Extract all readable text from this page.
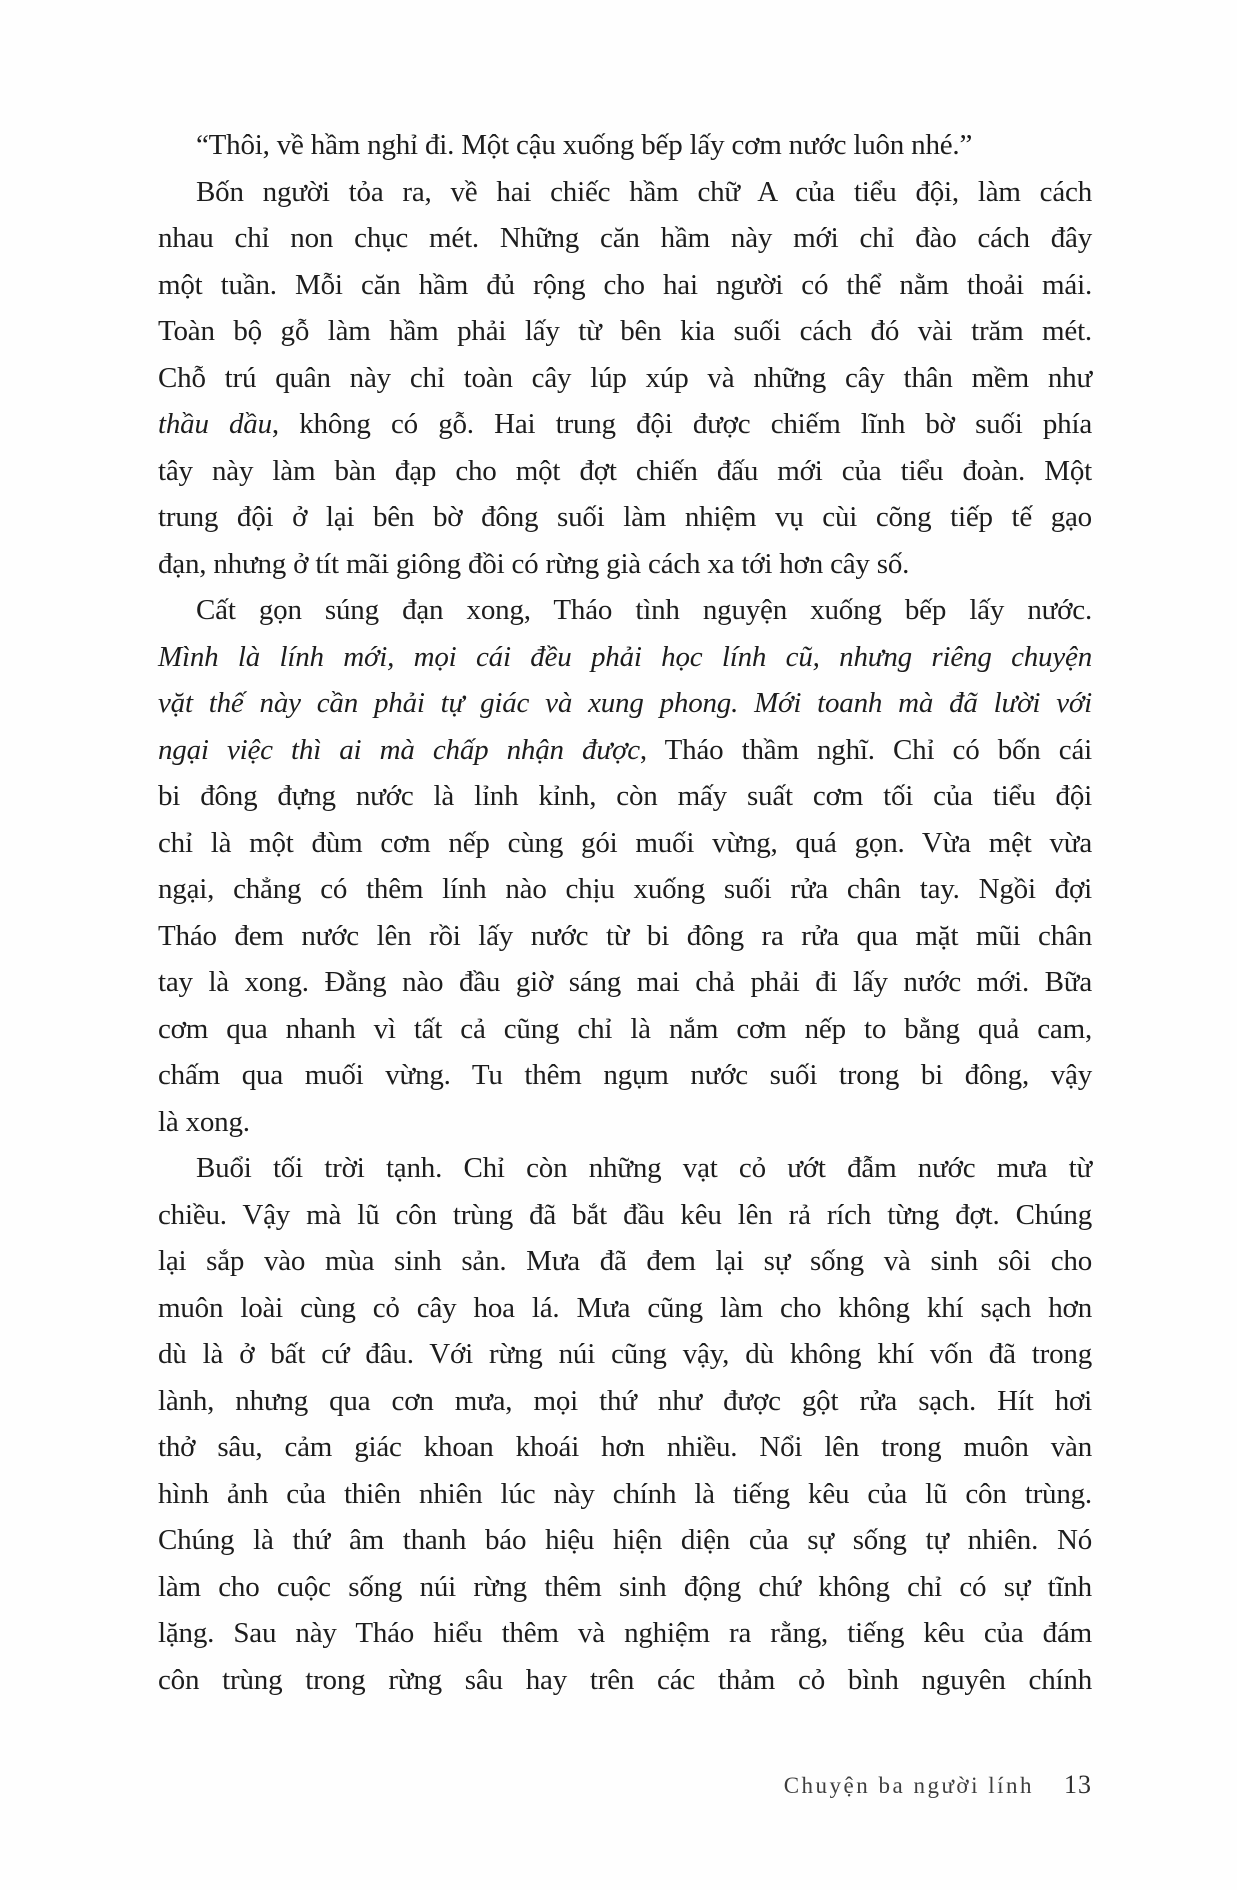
“Thôi, về hầm nghỉ đi. Một cậu xuống bếp lấy cơm nước luôn nhé.”
Bốn người tỏa ra, về hai chiếc hầm chữ A của tiểu đội, làm cách
nhau chỉ non chục mét. Những căn hầm này mới chỉ đào cách đây
một tuần. Mỗi căn hầm đủ rộng cho hai người có thể nằm thoải mái.
Toàn bộ gỗ làm hầm phải lấy từ bên kia suối cách đó vài trăm mét.
Chỗ trú quân này chỉ toàn cây lúp xúp và những cây thân mềm như
thầu dầu, không có gỗ. Hai trung đội được chiếm lĩnh bờ suối phía
tây này làm bàn đạp cho một đợt chiến đấu mới của tiểu đoàn. Một
trung đội ở lại bên bờ đông suối làm nhiệm vụ cùi cõng tiếp tế gạo
đạn, nhưng ở tít mãi giông đồi có rừng già cách xa tới hơn cây số.
Cất gọn súng đạn xong, Tháo tình nguyện xuống bếp lấy nước.
Mình là lính mới, mọi cái đều phải học lính cũ, nhưng riêng chuyện
vặt thế này cần phải tự giác và xung phong. Mới toanh mà đã lười với
ngại việc thì ai mà chấp nhận được, Tháo thầm nghĩ. Chỉ có bốn cái
bi đông đựng nước là lỉnh kỉnh, còn mấy suất cơm tối của tiểu đội
chỉ là một đùm cơm nếp cùng gói muối vừng, quá gọn. Vừa mệt vừa
ngại, chẳng có thêm lính nào chịu xuống suối rửa chân tay. Ngồi đợi
Tháo đem nước lên rồi lấy nước từ bi đông ra rửa qua mặt mũi chân
tay là xong. Đằng nào đầu giờ sáng mai chả phải đi lấy nước mới. Bữa
cơm qua nhanh vì tất cả cũng chỉ là nắm cơm nếp to bằng quả cam,
chấm qua muối vừng. Tu thêm ngụm nước suối trong bi đông, vậy
là xong.
Buổi tối trời tạnh. Chỉ còn những vạt cỏ ướt đẫm nước mưa từ
chiều. Vậy mà lũ côn trùng đã bắt đầu kêu lên rả rích từng đợt. Chúng
lại sắp vào mùa sinh sản. Mưa đã đem lại sự sống và sinh sôi cho
muôn loài cùng cỏ cây hoa lá. Mưa cũng làm cho không khí sạch hơn
dù là ở bất cứ đâu. Với rừng núi cũng vậy, dù không khí vốn đã trong
lành, nhưng qua cơn mưa, mọi thứ như được gột rửa sạch. Hít hơi
thở sâu, cảm giác khoan khoái hơn nhiều. Nổi lên trong muôn vàn
hình ảnh của thiên nhiên lúc này chính là tiếng kêu của lũ côn trùng.
Chúng là thứ âm thanh báo hiệu hiện diện của sự sống tự nhiên. Nó
làm cho cuộc sống núi rừng thêm sinh động chứ không chỉ có sự tĩnh
lặng. Sau này Tháo hiểu thêm và nghiệm ra rằng, tiếng kêu của đám
côn trùng trong rừng sâu hay trên các thảm cỏ bình nguyên chính
Chuyện ba người lính 13
